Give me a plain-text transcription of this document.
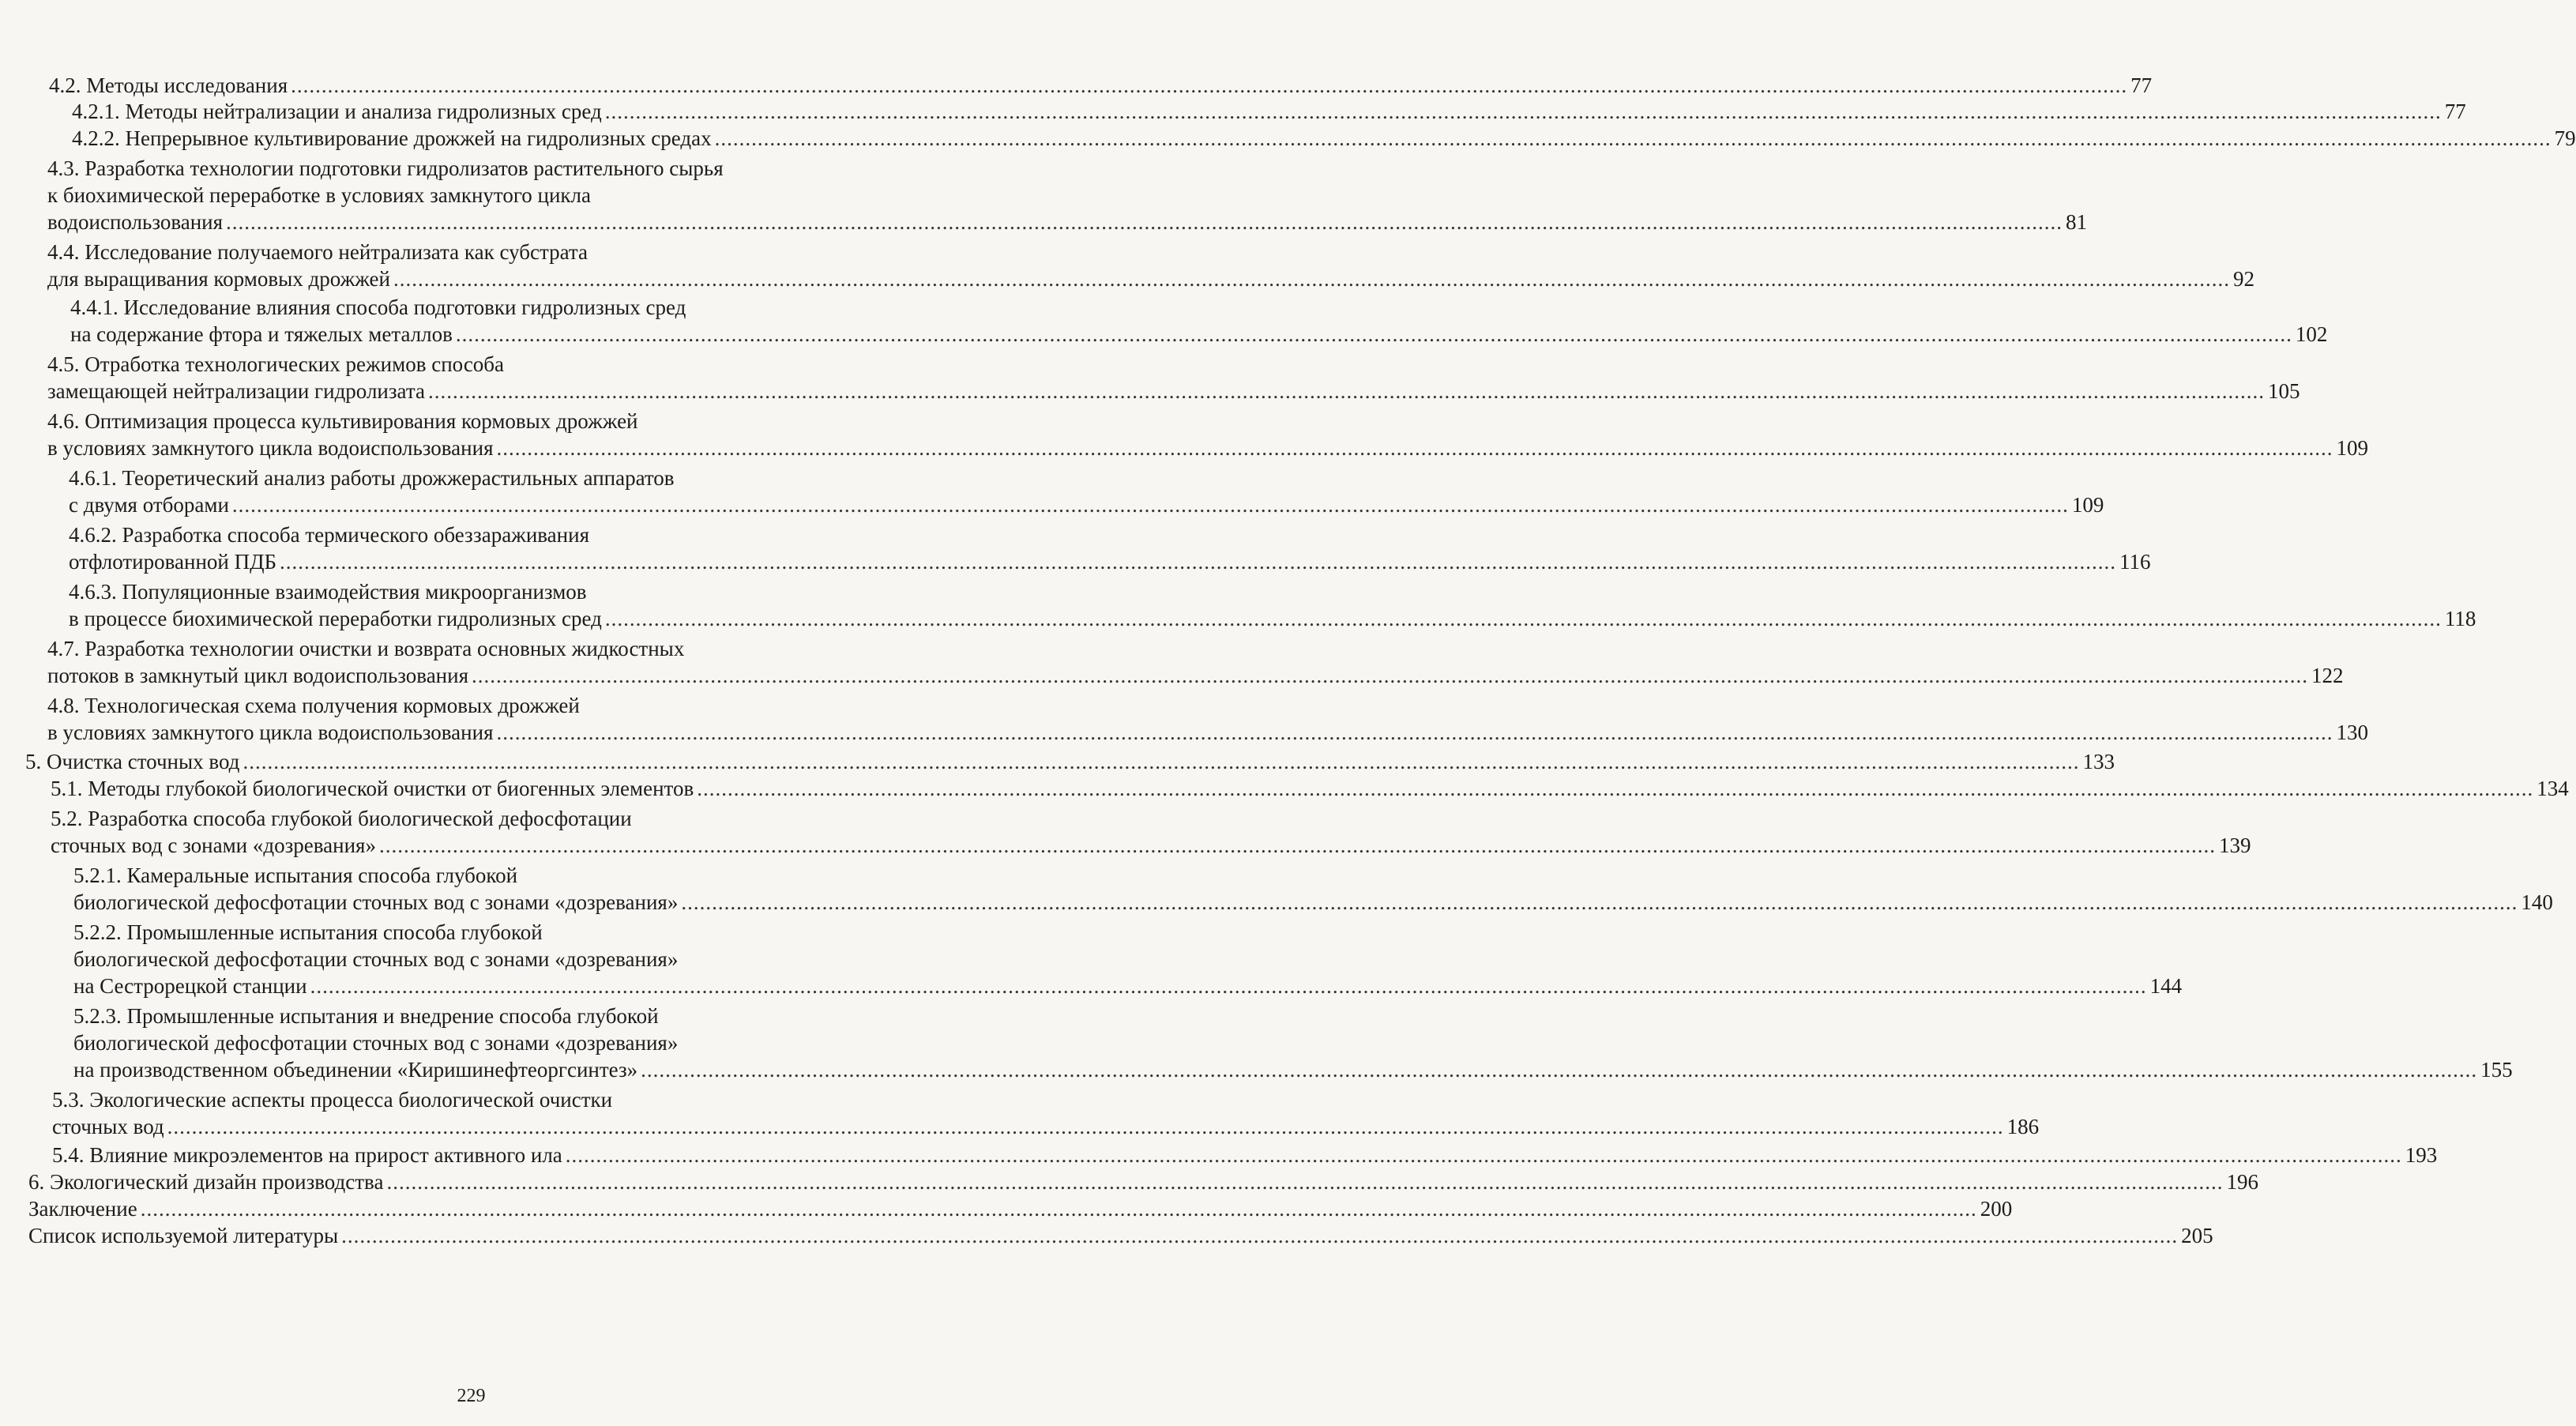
4.2. Методы исследования ............................................................................................................................................................................................................................................................................................................ 77
4.2.1. Методы нейтрализации и анализа гидролизных сред ............................................................................................................................................................................................................................................................................................................ 77
4.2.2. Непрерывное культивирование дрожжей на гидролизных средах ............................................................................................................................................................................................................................................................................................................ 79
4.3. Разработка технологии подготовки гидролизатов растительного сырья
к биохимической переработке в условиях замкнутого цикла
водоиспользования ............................................................................................................................................................................................................................................................................................................ 81
4.4. Исследование получаемого нейтрализата как субстрата
для выращивания кормовых дрожжей ............................................................................................................................................................................................................................................................................................................ 92
4.4.1. Исследование влияния способа подготовки гидролизных сред
на содержание фтора и тяжелых металлов ............................................................................................................................................................................................................................................................................................................ 102
4.5. Отработка технологических режимов способа
замещающей нейтрализации гидролизата ............................................................................................................................................................................................................................................................................................................ 105
4.6. Оптимизация процесса культивирования кормовых дрожжей
в условиях замкнутого цикла водоиспользования ............................................................................................................................................................................................................................................................................................................ 109
4.6.1. Теоретический анализ работы дрожжерастильных аппаратов
с двумя отборами ............................................................................................................................................................................................................................................................................................................ 109
4.6.2. Разработка способа термического обеззараживания
отфлотированной ПДБ ............................................................................................................................................................................................................................................................................................................ 116
4.6.3. Популяционные взаимодействия микроорганизмов
в процессе биохимической переработки гидролизных сред ............................................................................................................................................................................................................................................................................................................ 118
4.7. Разработка технологии очистки и возврата основных жидкостных
потоков в замкнутый цикл водоиспользования ............................................................................................................................................................................................................................................................................................................ 122
4.8. Технологическая схема получения кормовых дрожжей
в условиях замкнутого цикла водоиспользования ............................................................................................................................................................................................................................................................................................................ 130
5. Очистка сточных вод ............................................................................................................................................................................................................................................................................................................ 133
5.1. Методы глубокой биологической очистки от биогенных элементов ............................................................................................................................................................................................................................................................................................................ 134
5.2. Разработка способа глубокой биологической дефосфотации
сточных вод с зонами «дозревания» ............................................................................................................................................................................................................................................................................................................ 139
5.2.1. Камеральные испытания способа глубокой
биологической дефосфотации сточных вод с зонами «дозревания» ............................................................................................................................................................................................................................................................................................................ 140
5.2.2. Промышленные испытания способа глубокой
биологической дефосфотации сточных вод с зонами «дозревания»
на Сестрорецкой станции ............................................................................................................................................................................................................................................................................................................ 144
5.2.3. Промышленные испытания и внедрение способа глубокой
биологической дефосфотации сточных вод с зонами «дозревания»
на производственном объединении «Киришинефтеоргсинтез» ............................................................................................................................................................................................................................................................................................................ 155
5.3. Экологические аспекты процесса биологической очистки
сточных вод ............................................................................................................................................................................................................................................................................................................ 186
5.4. Влияние микроэлементов на прирост активного ила ............................................................................................................................................................................................................................................................................................................ 193
6. Экологический дизайн производства ............................................................................................................................................................................................................................................................................................................ 196
Заключение ............................................................................................................................................................................................................................................................................................................ 200
Список используемой литературы ............................................................................................................................................................................................................................................................................................................ 205
229
